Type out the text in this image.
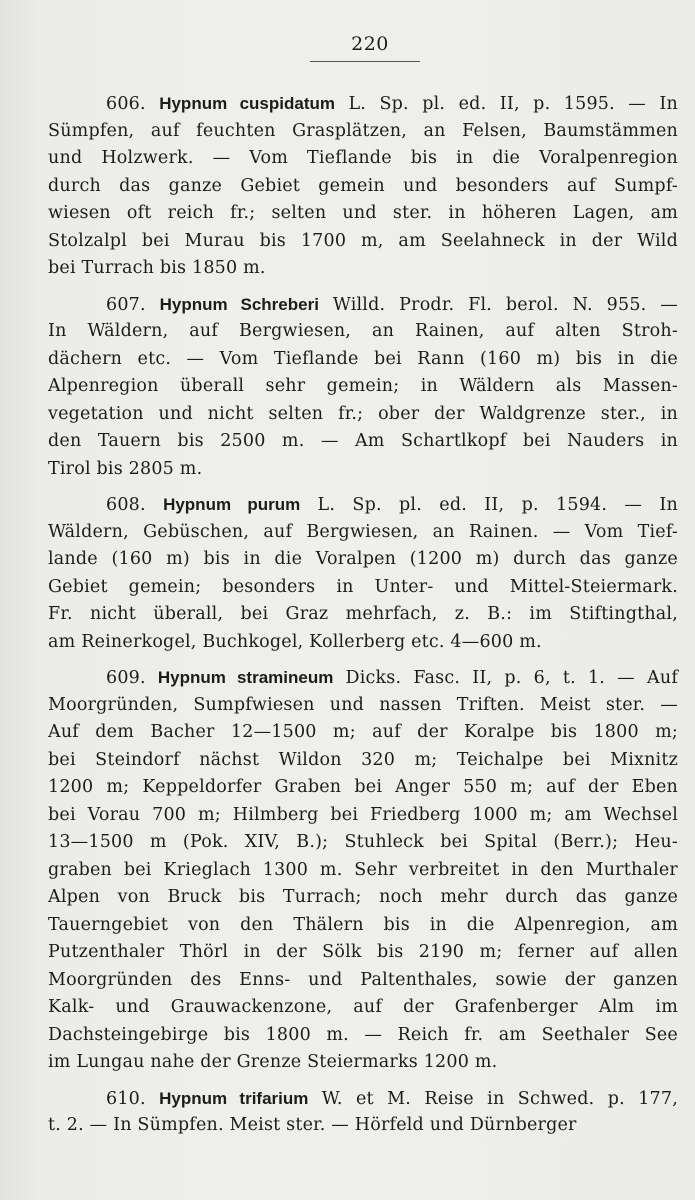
220
606. Hypnum cuspidatum L. Sp. pl. ed. II, p. 1595. — In
Sümpfen, auf feuchten Grasplätzen, an Felsen, Baumstämmen
und Holzwerk. — Vom Tieflande bis in die Voralpenregion
durch das ganze Gebiet gemein und besonders auf Sumpf-
wiesen oft reich fr.; selten und ster. in höheren Lagen, am
Stolzalpl bei Murau bis 1700 m, am Seelahneck in der Wild
bei Turrach bis 1850 m.
607. Hypnum Schreberi Willd. Prodr. Fl. berol. N. 955. —
In Wäldern, auf Bergwiesen, an Rainen, auf alten Stroh-
dächern etc. — Vom Tieflande bei Rann (160 m) bis in die
Alpenregion überall sehr gemein; in Wäldern als Massen-
vegetation und nicht selten fr.; ober der Waldgrenze ster., in
den Tauern bis 2500 m. — Am Schartlkopf bei Nauders in
Tirol bis 2805 m.
608. Hypnum purum L. Sp. pl. ed. II, p. 1594. — In
Wäldern, Gebüschen, auf Bergwiesen, an Rainen. — Vom Tief-
lande (160 m) bis in die Voralpen (1200 m) durch das ganze
Gebiet gemein; besonders in Unter- und Mittel-Steiermark.
Fr. nicht überall, bei Graz mehrfach, z. B.: im Stiftingthal,
am Reinerkogel, Buchkogel, Kollerberg etc. 4—600 m.
609. Hypnum stramineum Dicks. Fasc. II, p. 6, t. 1. — Auf
Moorgründen, Sumpfwiesen und nassen Triften. Meist ster. —
Auf dem Bacher 12—1500 m; auf der Koralpe bis 1800 m;
bei Steindorf nächst Wildon 320 m; Teichalpe bei Mixnitz
1200 m; Keppeldorfer Graben bei Anger 550 m; auf der Eben
bei Vorau 700 m; Hilmberg bei Friedberg 1000 m; am Wechsel
13—1500 m (Pok. XIV, B.); Stuhleck bei Spital (Berr.); Heu-
graben bei Krieglach 1300 m. Sehr verbreitet in den Murthaler
Alpen von Bruck bis Turrach; noch mehr durch das ganze
Tauerngebiet von den Thälern bis in die Alpenregion, am
Putzenthaler Thörl in der Sölk bis 2190 m; ferner auf allen
Moorgründen des Enns- und Paltenthales, sowie der ganzen
Kalk- und Grauwackenzone, auf der Grafenberger Alm im
Dachsteingebirge bis 1800 m. — Reich fr. am Seethaler See
im Lungau nahe der Grenze Steiermarks 1200 m.
610. Hypnum trifarium W. et M. Reise in Schwed. p. 177,
t. 2. — In Sümpfen. Meist ster. — Hörfeld und Dürnberger
